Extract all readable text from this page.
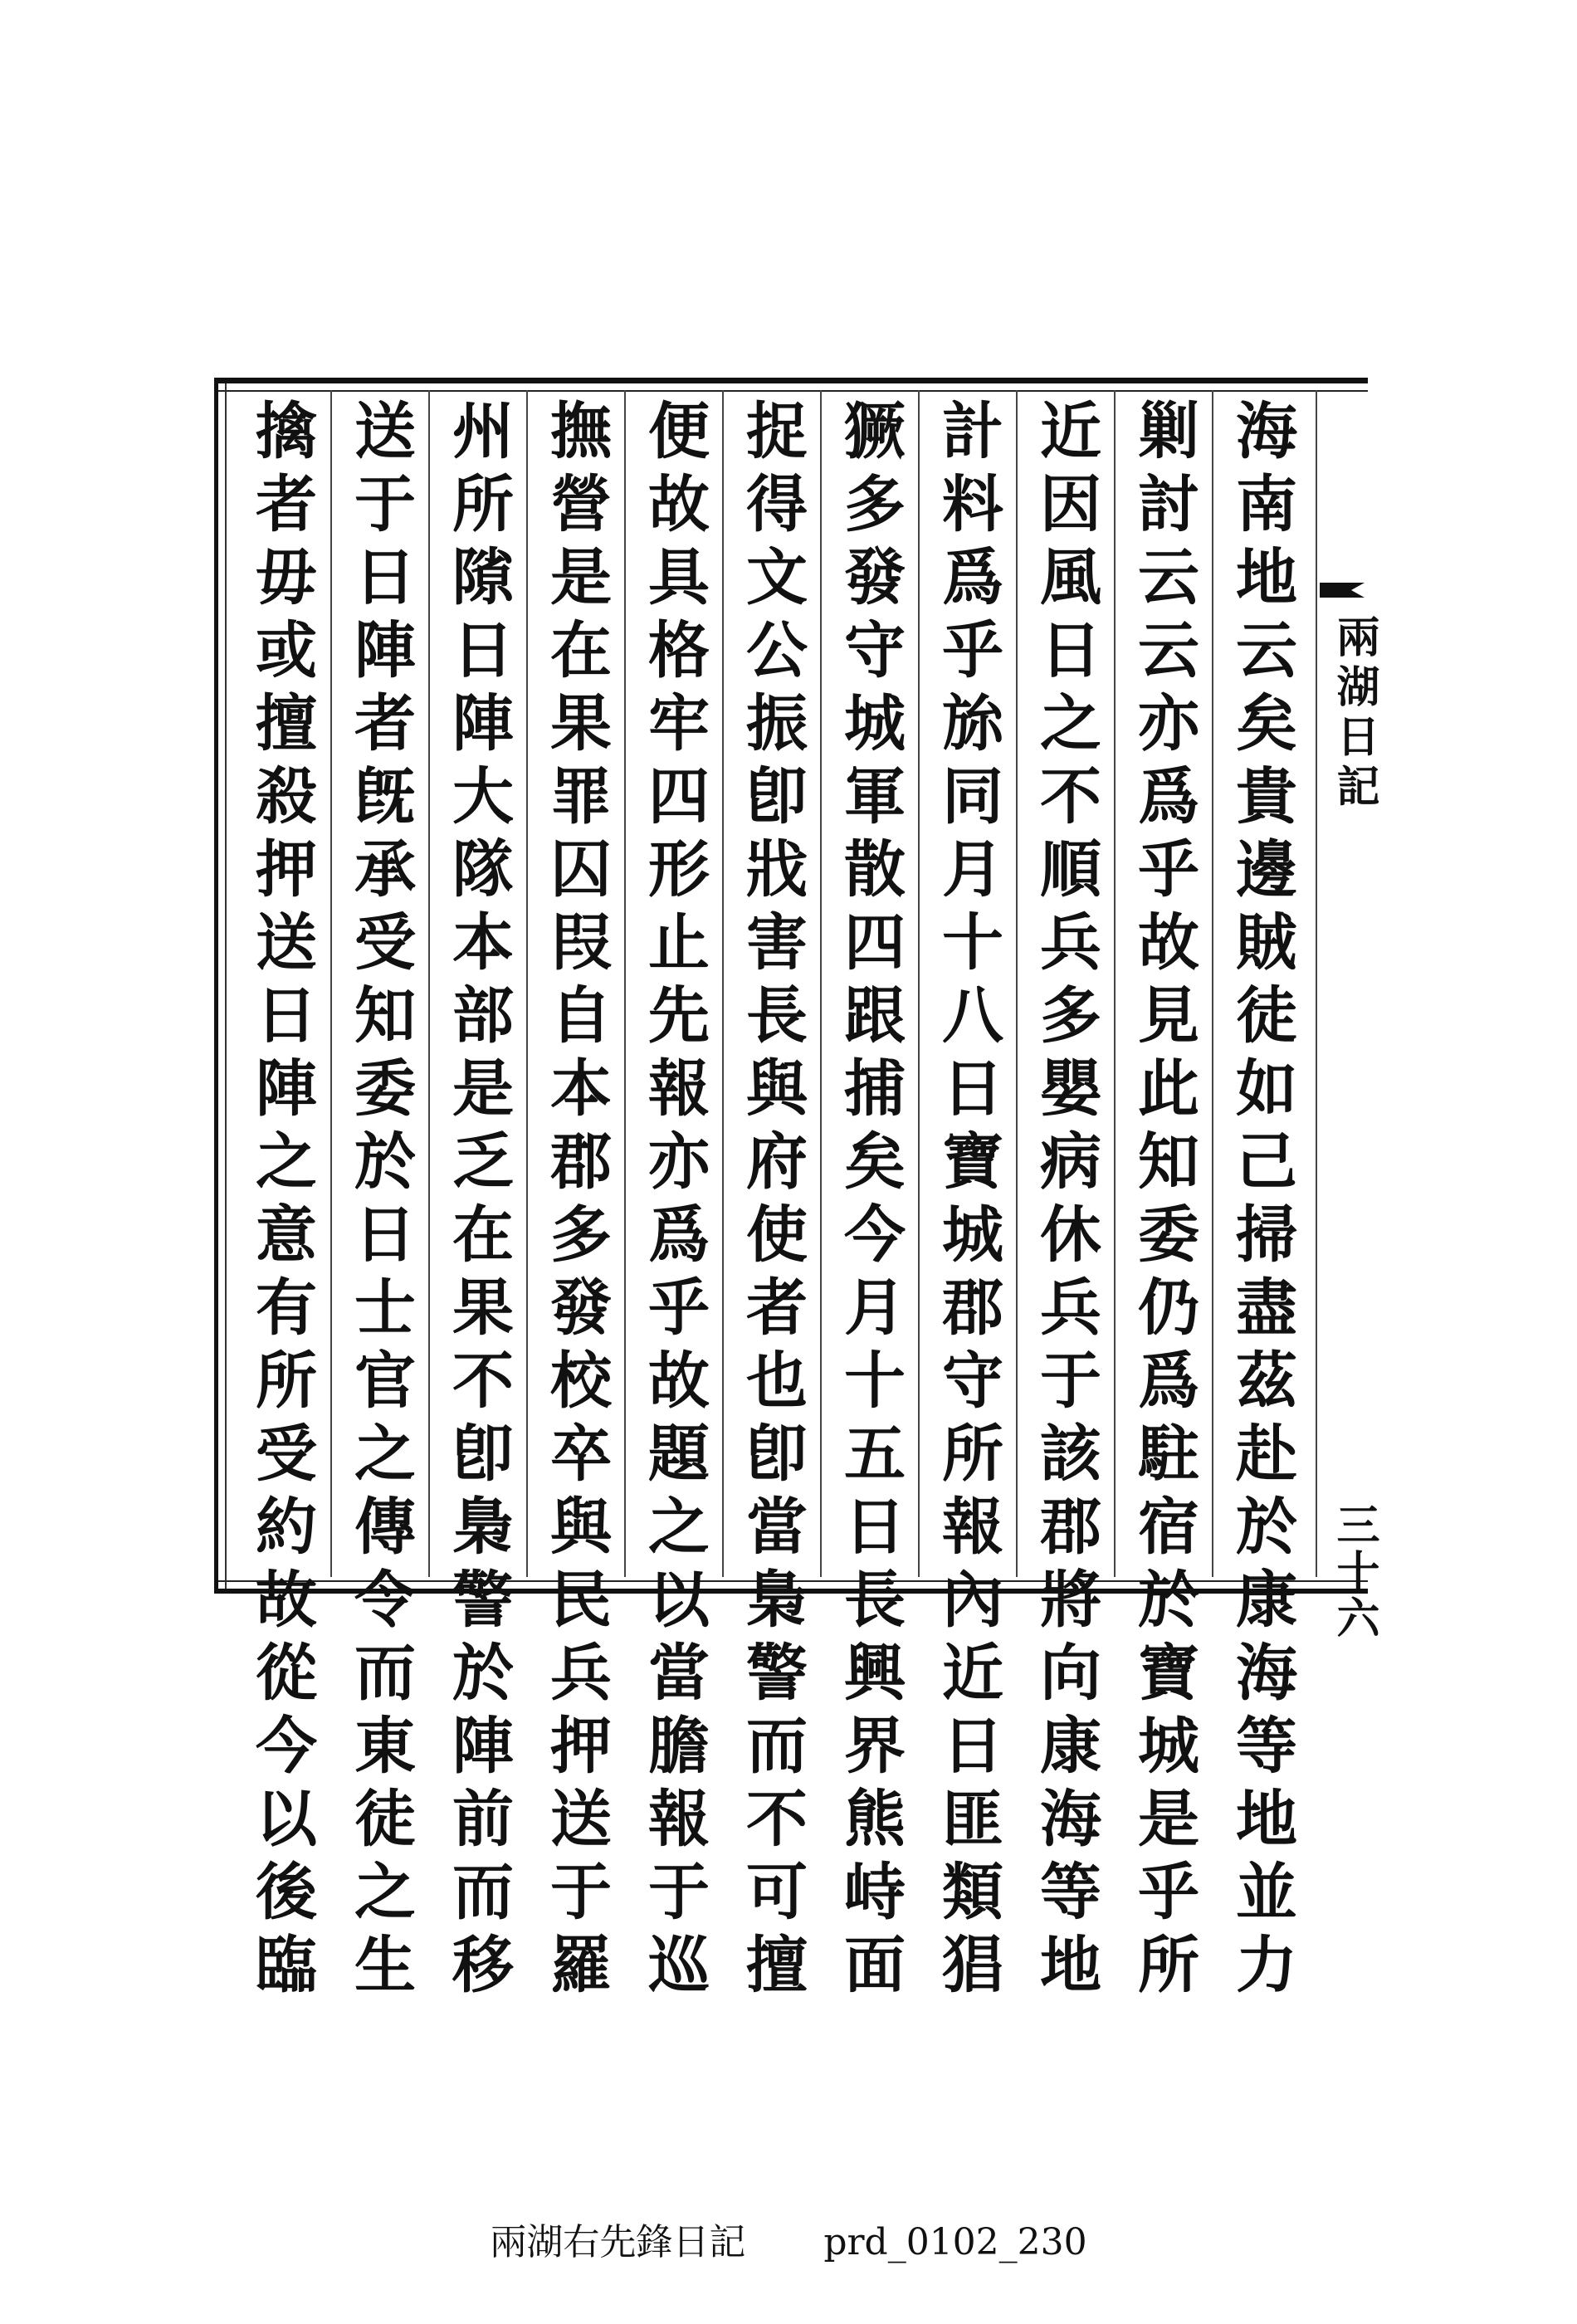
兩湖日記
三十六
海南地云矣貴邊賊徒如己掃盡茲赴於康海等地並力
剿討云云亦爲乎故見此知委仍爲駐宿於寶城是乎所
近因風日之不順兵多嬰病休兵于該郡將向康海等地
計料爲乎旀同月十八日寶城郡守所報內近日匪類猖
獗多發守城軍散四跟捕矣今月十五日長興界熊峙面
捉得文公振卽戕害長與府使者也卽當梟警而不可擅
便故具格牢四形止先報亦爲乎故題之以當膽報于巡
撫營是在果罪囚叚自本郡多發校卒與民兵押送于羅
州所𨻶日陣大隊本部是乏在果不卽梟警於陣前而移
送于日陣者旣承受知委於日士官之傳令而東徒之生
擒者毋或擅殺押送日陣之意有所受約故從今以後臨
兩湖右先鋒日記 prd_0102_230
